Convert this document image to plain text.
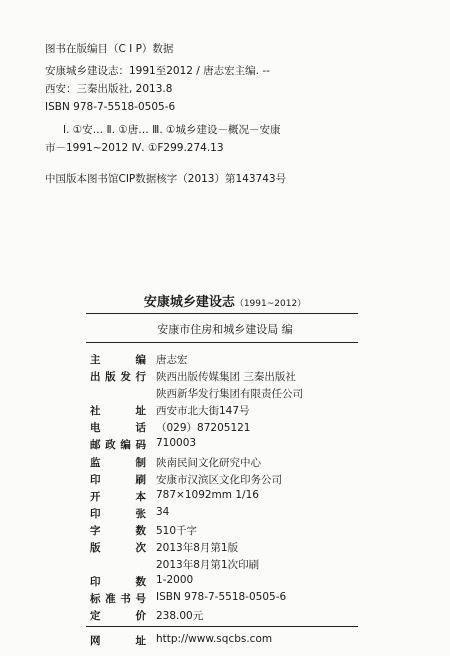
图书在版编目（C I P）数据
安康城乡建设志：1991至2012 / 唐志宏主编. --
西安：三秦出版社, 2013.8
ISBN 978-7-5518-0505-6
Ⅰ. ①安… Ⅱ. ①唐… Ⅲ. ①城乡建设－概况－安康
市－1991~2012 Ⅳ. ①F299.274.13
中国版本图书馆CIP数据核字（2013）第143743号
安康城乡建设志（1991~2012）
安康市住房和城乡建设局 编
主 编 唐志宏
出版发行 陕西出版传媒集团 三秦出版社
陕西新华发行集团有限责任公司
社 址 西安市北大街147号
电 话 （029）87205121
邮政编码 710003
监 制 陕南民间文化研究中心
印 刷 安康市汉滨区文化印务公司
开 本 787×1092mm 1/16
印 张 34
字 数 510千字
版 次 2013年8月第1版
2013年8月第1次印刷
印 数 1-2000
标准书号 ISBN 978-7-5518-0505-6
定 价 238.00元
网 址 http://www.sqcbs.com
